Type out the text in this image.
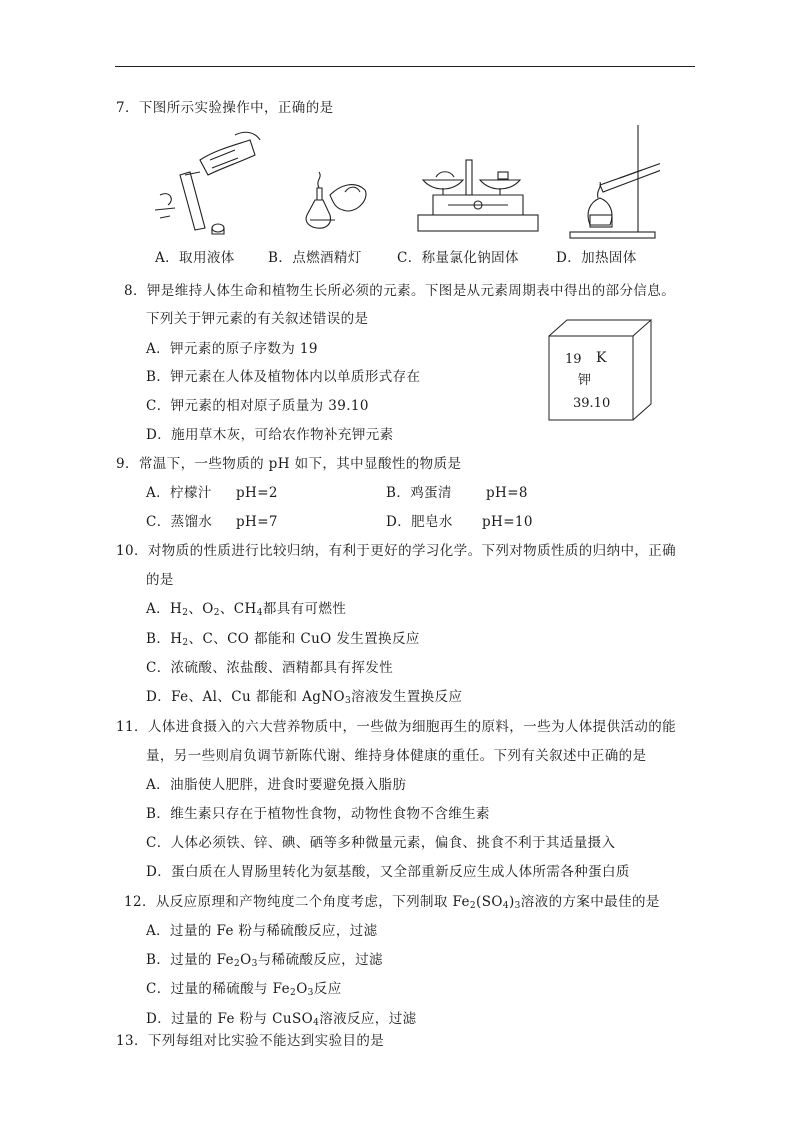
7．下图所示实验操作中，正确的是
A．取用液体 B．点燃酒精灯	C．称量氯化钠固体	D．加热固体
8．钾是维持人体生命和植物生长所必须的元素。下图是从元素周期表中得出的部分信息。
下列关于钾元素的有关叙述错误的是
A．钾元素的原子序数为 19
B．钾元素在人体及植物体内以单质形式存在
C．钾元素的相对原子质量为 39.10
D．施用草木灰，可给农作物补充钾元素
19 K
钾
39.10
9．常温下，一些物质的 pH 如下，其中显酸性的物质是
A．柠檬汁 pH=2	B．鸡蛋清	pH=8
C．蒸馏水 pH=7	D．肥皂水 pH=10
10．对物质的性质进行比较归纳，有利于更好的学习化学。下列对物质性质的归纳中，正确
的是
A．$H_2$、$O_2$、$CH_4$都具有可燃性
B．$H_2$、C、CO 都能和 CuO 发生置换反应
C．浓硫酸、浓盐酸、酒精都具有挥发性
D．Fe、Al、Cu 都能和 AgNO$_3$溶液发生置换反应
11．人体进食摄入的六大营养物质中，一些做为细胞再生的原料，一些为人体提供活动的能
量，另一些则肩负调节新陈代谢、维持身体健康的重任。下列有关叙述中正确的是
A．油脂使人肥胖，进食时要避免摄入脂肪
B．维生素只存在于植物性食物，动物性食物不含维生素
C．人体必须铁、锌、碘、硒等多种微量元素，偏食、挑食不利于其适量摄入
D．蛋白质在人胃肠里转化为氨基酸，又全部重新反应生成人体所需各种蛋白质
12．从反应原理和产物纯度二个角度考虑，下列制取 $Fe_2(SO_4)_3$溶液的方案中最佳的是
A．过量的 Fe 粉与稀硫酸反应，过滤
B．过量的 $Fe_2O_3$与稀硫酸反应，过滤
C．过量的稀硫酸与 $Fe_2O_3$反应
D．过量的 Fe 粉与 CuSO$_4$溶液反应，过滤
13．下列每组对比实验不能达到实验目的是
